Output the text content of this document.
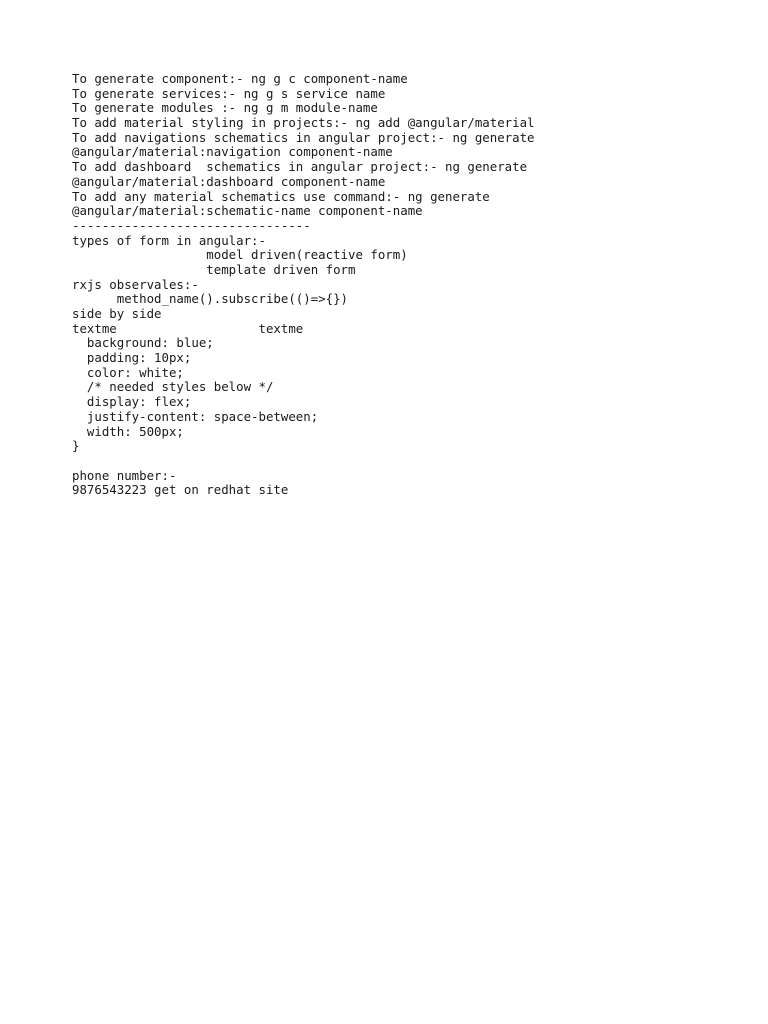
To generate component:- ng g c component-name
To generate services:- ng g s service name
To generate modules :- ng g m module-name
To add material styling in projects:- ng add @angular/material
To add navigations schematics in angular project:- ng generate
@angular/material:navigation component-name
To add dashboard  schematics in angular project:- ng generate
@angular/material:dashboard component-name
To add any material schematics use command:- ng generate
@angular/material:schematic-name component-name
--------------------------------
types of form in angular:-
model driven(reactive form)
template driven form
rxjs observales:-
method_name().subscribe(()=>{})
side by side
textme                   textme
background: blue;
padding: 10px;
color: white;
/* needed styles below */
display: flex;
justify-content: space-between;
width: 500px;
}
phone number:-
9876543223 get on redhat site
